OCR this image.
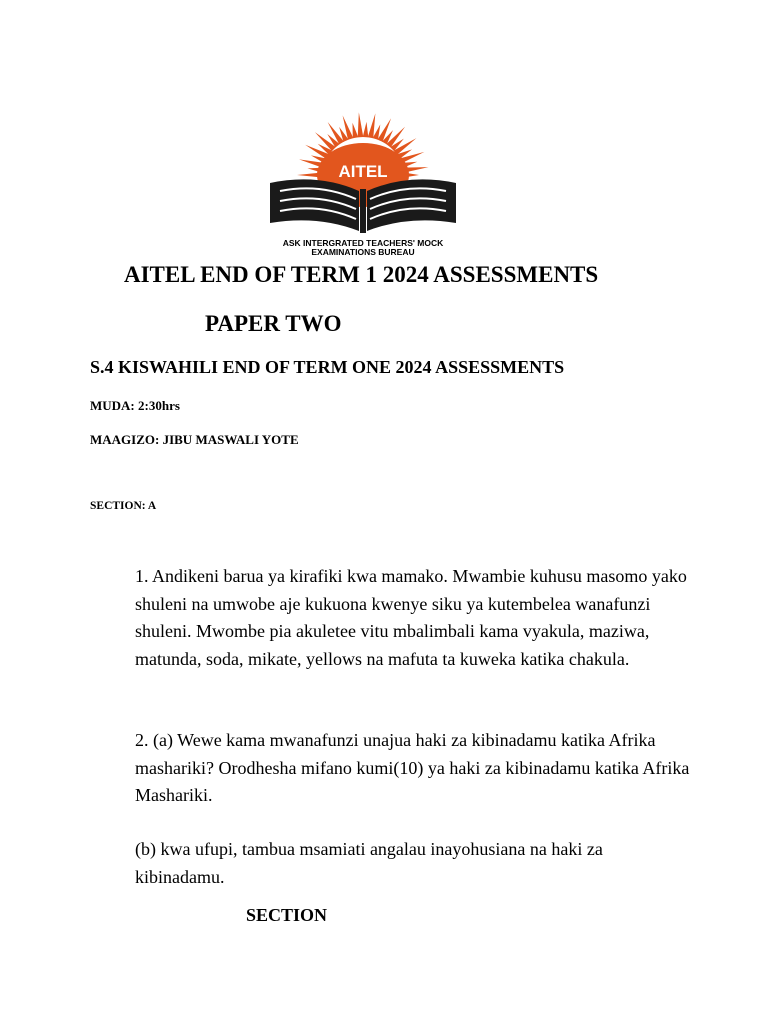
AITEL
ASK INTERGRATED TEACHERS' MOCK
EXAMINATIONS BUREAU
AITEL END OF TERM 1 2024 ASSESSMENTS
PAPER TWO
S.4 KISWAHILI END OF TERM ONE 2024 ASSESSMENTS
MUDA: 2:30hrs
MAAGIZO: JIBU MASWALI YOTE
SECTION: A
1. Andikeni barua ya kirafiki kwa mamako. Mwambie kuhusu masomo yako shuleni na umwobe aje kukuona kwenye siku ya kutembelea wanafunzi shuleni. Mwombe pia akuletee vitu mbalimbali kama vyakula, maziwa, matunda, soda, mikate, yellows na mafuta ta kuweka katika chakula.
2. (a) Wewe kama mwanafunzi unajua haki za kibinadamu katika Afrika mashariki? Orodhesha mifano kumi(10) ya haki za kibinadamu katika Afrika Mashariki.
(b) kwa ufupi, tambua msamiati angalau inayohusiana na haki za kibinadamu.
SECTION
